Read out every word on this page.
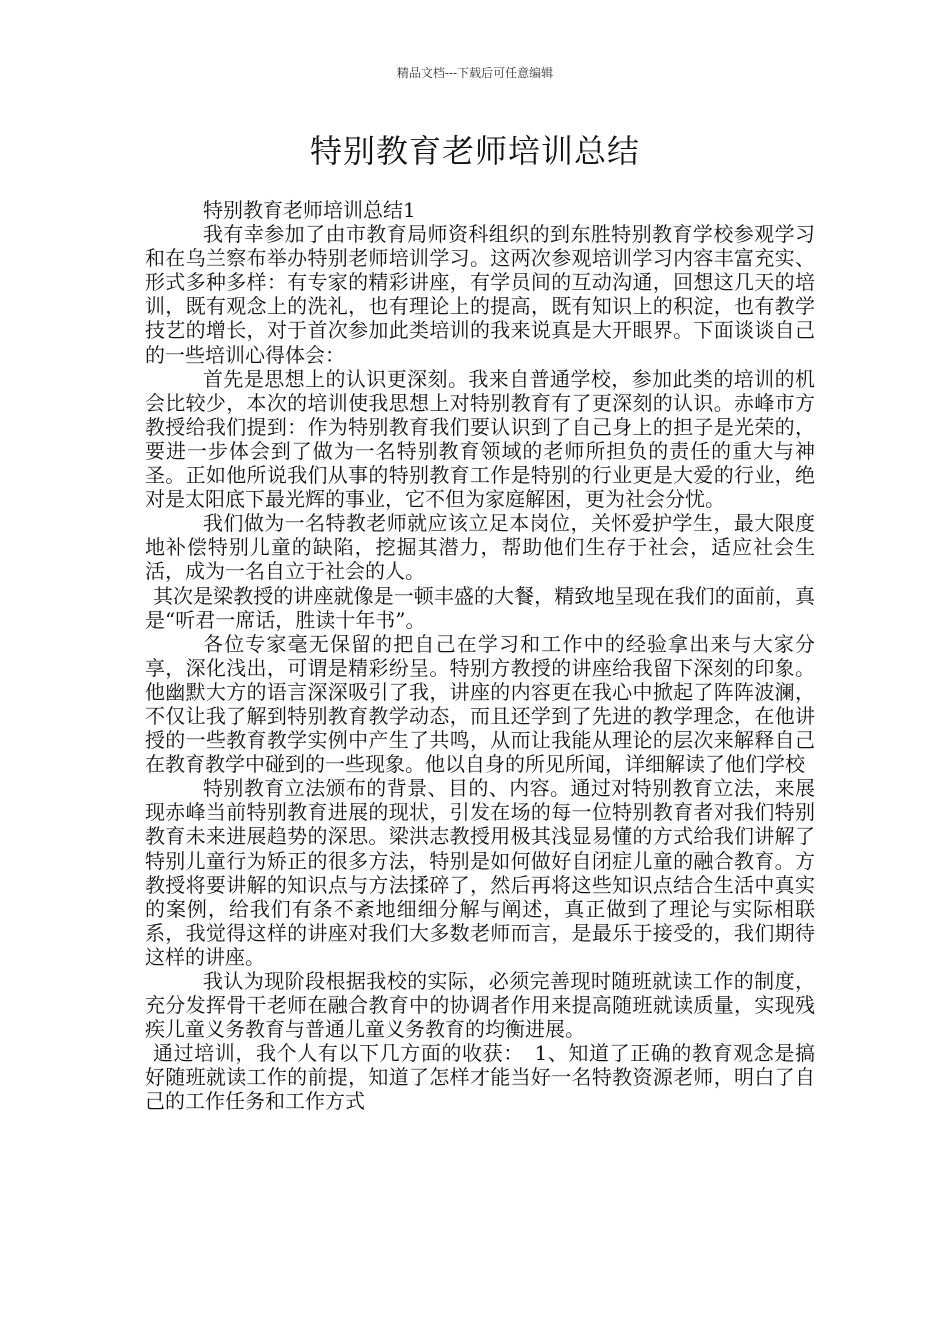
精品文档---下载后可任意编辑
特别教育老师培训总结

特别教育老师培训总结1

我有幸参加了由市教育局师资科组织的到东胜特别教育学校参观学习和在乌兰察布举办特别老师培训学习。这两次参观培训学习内容丰富充实、形式多种多样：有专家的精彩讲座，有学员间的互动沟通，回想这几天的培训，既有观念上的洗礼，也有理论上的提高，既有知识上的积淀，也有教学技艺的增长，对于首次参加此类培训的我来说真是大开眼界。下面谈谈自己的一些培训心得体会：

首先是思想上的认识更深刻。我来自普通学校，参加此类的培训的机会比较少，本次的培训使我思想上对特别教育有了更深刻的认识。赤峰市方教授给我们提到：作为特别教育我们要认识到了自己身上的担子是光荣的，要进一步体会到了做为一名特别教育领域的老师所担负的责任的重大与神圣。正如他所说我们从事的特别教育工作是特别的行业更是大爱的行业，绝对是太阳底下最光辉的事业，它不但为家庭解困，更为社会分忧。

我们做为一名特教老师就应该立足本岗位，关怀爱护学生，最大限度地补偿特别儿童的缺陷，挖掘其潜力，帮助他们生存于社会，适应社会生活，成为一名自立于社会的人。

其次是梁教授的讲座就像是一顿丰盛的大餐，精致地呈现在我们的面前，真是“听君一席话，胜读十年书”。

各位专家毫无保留的把自己在学习和工作中的经验拿出来与大家分享，深化浅出，可谓是精彩纷呈。特别方教授的讲座给我留下深刻的印象。他幽默大方的语言深深吸引了我，讲座的内容更在我心中掀起了阵阵波澜，不仅让我了解到特别教育教学动态，而且还学到了先进的教学理念，在他讲授的一些教育教学实例中产生了共鸣，从而让我能从理论的层次来解释自己在教育教学中碰到的一些现象。他以自身的所见所闻，详细解读了他们学校

特别教育立法颁布的背景、目的、内容。通过对特别教育立法，来展现赤峰当前特别教育进展的现状，引发在场的每一位特别教育者对我们特别教育未来进展趋势的深思。梁洪志教授用极其浅显易懂的方式给我们讲解了特别儿童行为矫正的很多方法，特别是如何做好自闭症儿童的融合教育。方教授将要讲解的知识点与方法揉碎了，然后再将这些知识点结合生活中真实的案例，给我们有条不紊地细细分解与阐述，真正做到了理论与实际相联系，我觉得这样的讲座对我们大多数老师而言，是最乐于接受的，我们期待这样的讲座。

我认为现阶段根据我校的实际，必须完善现时随班就读工作的制度，充分发挥骨干老师在融合教育中的协调者作用来提高随班就读质量，实现残疾儿童义务教育与普通儿童义务教育的均衡进展。

通过培训，我个人有以下几方面的收获：　1、知道了正确的教育观念是搞好随班就读工作的前提，知道了怎样才能当好一名特教资源老师，明白了自己的工作任务和工作方式
